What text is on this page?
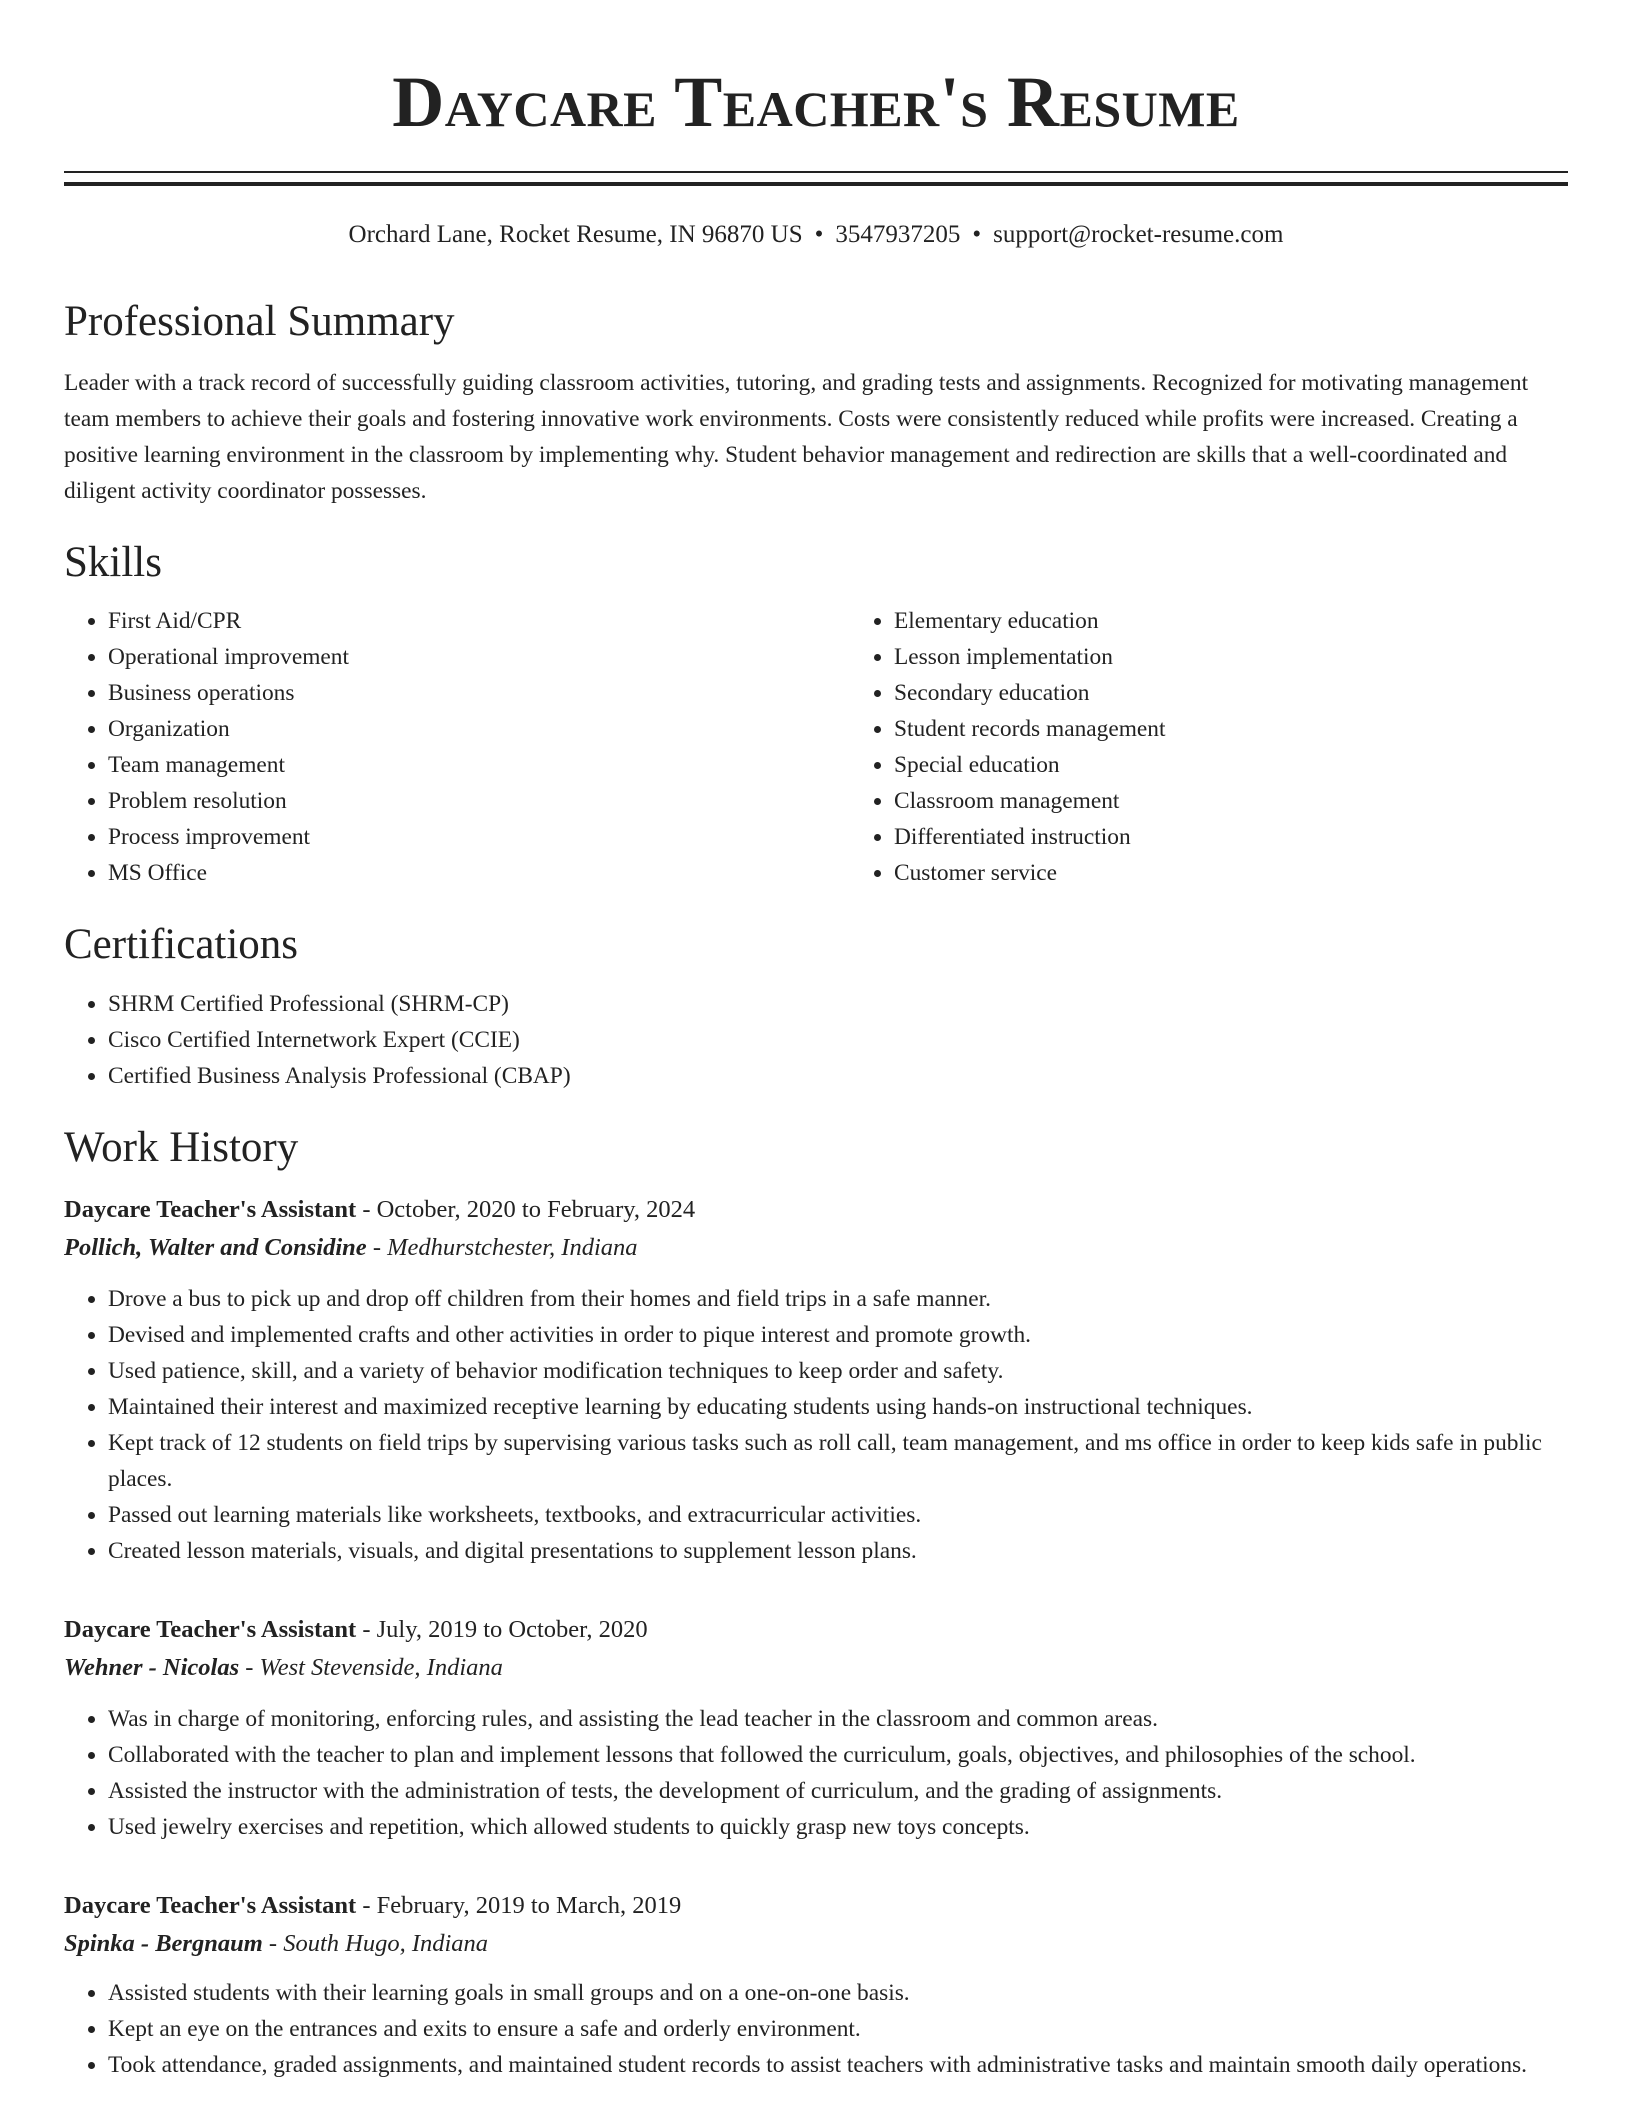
Daycare Teacher's Resume
Orchard Lane, Rocket Resume, IN 96870 US • 3547937205 • support@rocket-resume.com
Professional Summary

Leader with a track record of successfully guiding classroom activities, tutoring, and grading tests and assignments. Recognized for motivating management team members to achieve their goals and fostering innovative work environments. Costs were consistently reduced while profits were increased. Creating a positive learning environment in the classroom by implementing why. Student behavior management and redirection are skills that a well-coordinated and diligent activity coordinator possesses.

Skills
• First Aid/CPR
• Operational improvement
• Business operations
• Organization
• Team management
• Problem resolution
• Process improvement
• MS Office
• Elementary education
• Lesson implementation
• Secondary education
• Student records management
• Special education
• Classroom management
• Differentiated instruction
• Customer service
Certifications
• SHRM Certified Professional (SHRM-CP)
• Cisco Certified Internetwork Expert (CCIE)
• Certified Business Analysis Professional (CBAP)
Work History
Daycare Teacher's Assistant - October, 2020 to February, 2024
Pollich, Walter and Considine - Medhurstchester, Indiana
• Drove a bus to pick up and drop off children from their homes and field trips in a safe manner.
• Devised and implemented crafts and other activities in order to pique interest and promote growth.
• Used patience, skill, and a variety of behavior modification techniques to keep order and safety.
• Maintained their interest and maximized receptive learning by educating students using hands-on instructional techniques.
• Kept track of 12 students on field trips by supervising various tasks such as roll call, team management, and ms office in order to keep kids safe in public places.
• Passed out learning materials like worksheets, textbooks, and extracurricular activities.
• Created lesson materials, visuals, and digital presentations to supplement lesson plans.
Daycare Teacher's Assistant - July, 2019 to October, 2020
Wehner - Nicolas - West Stevenside, Indiana
• Was in charge of monitoring, enforcing rules, and assisting the lead teacher in the classroom and common areas.
• Collaborated with the teacher to plan and implement lessons that followed the curriculum, goals, objectives, and philosophies of the school.
• Assisted the instructor with the administration of tests, the development of curriculum, and the grading of assignments.
• Used jewelry exercises and repetition, which allowed students to quickly grasp new toys concepts.
Daycare Teacher's Assistant - February, 2019 to March, 2019
Spinka - Bergnaum - South Hugo, Indiana
• Assisted students with their learning goals in small groups and on a one-on-one basis.
• Kept an eye on the entrances and exits to ensure a safe and orderly environment.
• Took attendance, graded assignments, and maintained student records to assist teachers with administrative tasks and maintain smooth daily operations.
